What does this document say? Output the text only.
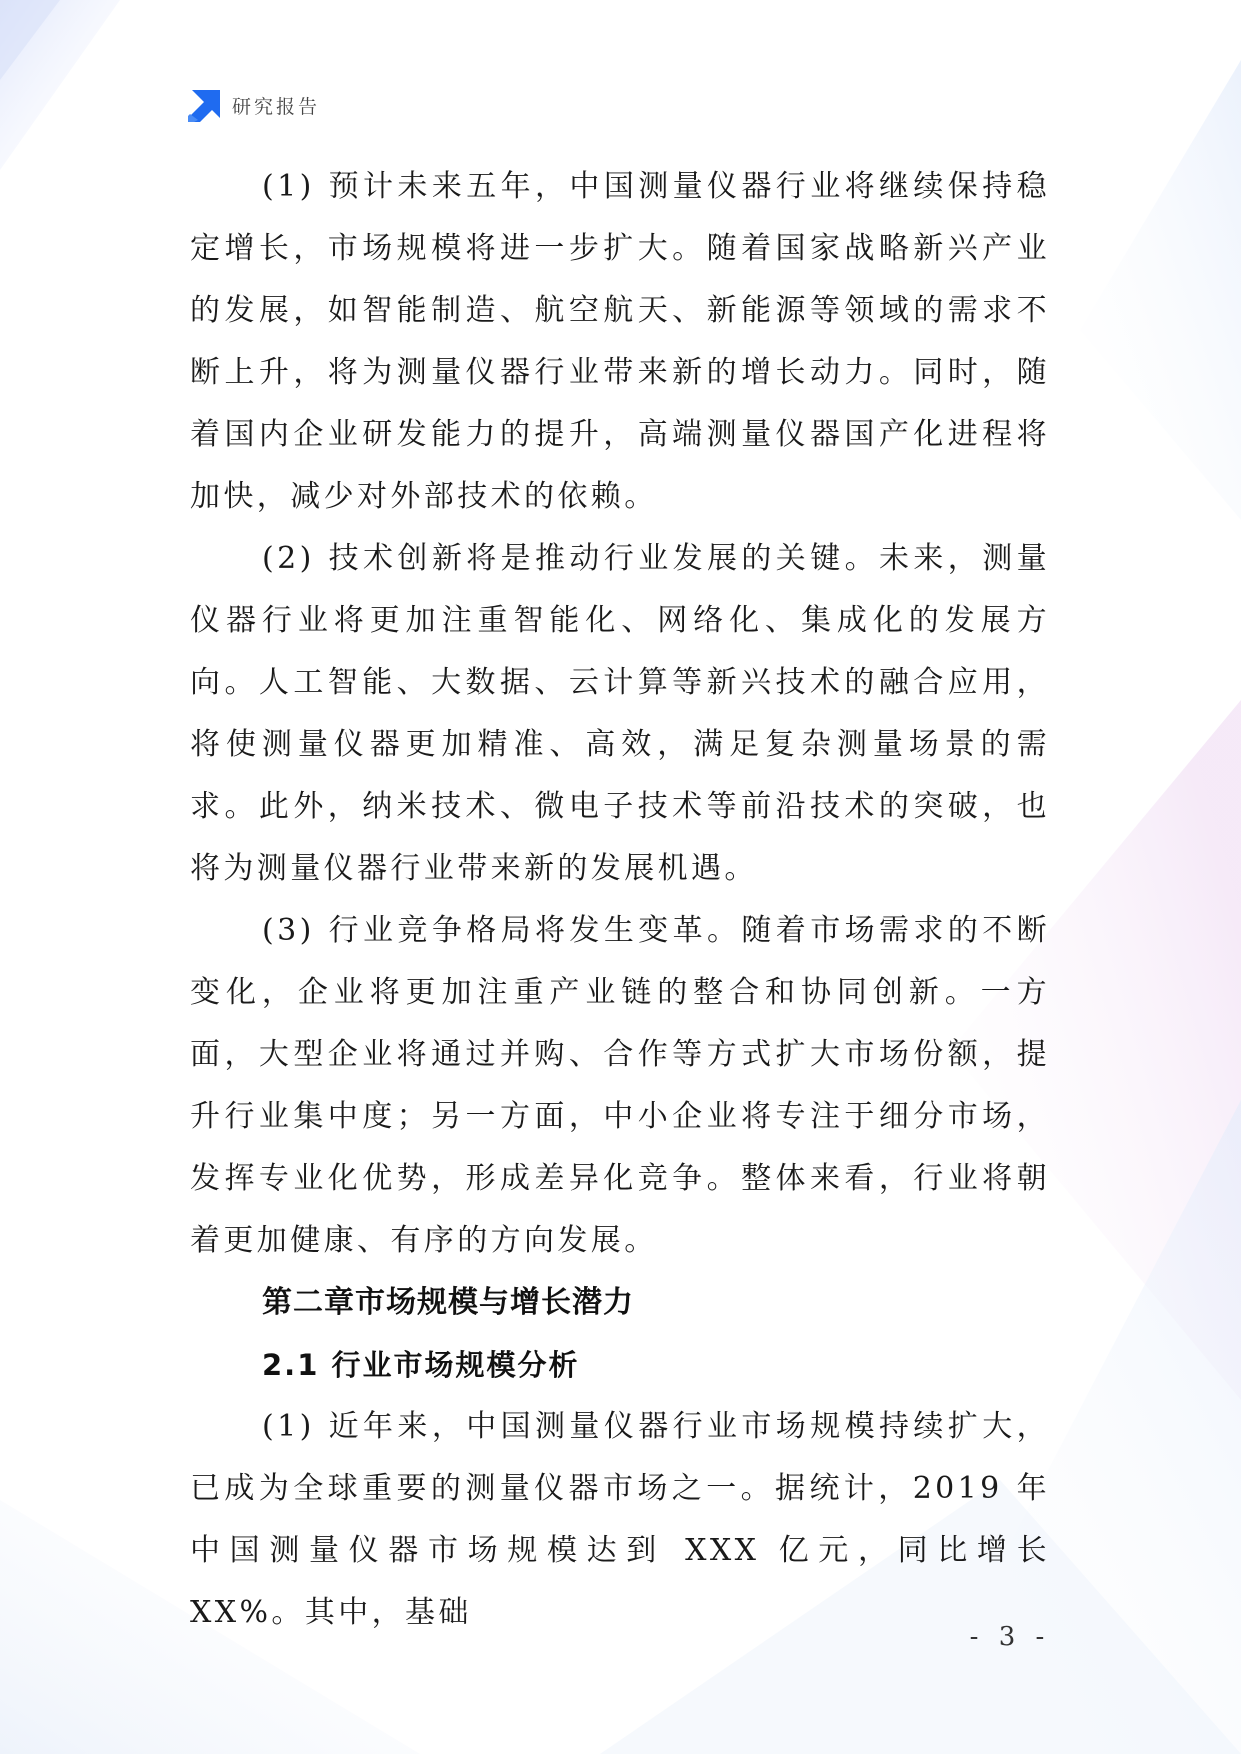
研究报告

(1) 预计未来五年，中国测量仪器行业将继续保持稳定增长，市场规模将进一步扩大。随着国家战略新兴产业的发展，如智能制造、航空航天、新能源等领域的需求不断上升，将为测量仪器行业带来新的增长动力。同时，随着国内企业研发能力的提升，高端测量仪器国产化进程将加快，减少对外部技术的依赖。

(2) 技术创新将是推动行业发展的关键。未来，测量仪器行业将更加注重智能化、网络化、集成化的发展方向。人工智能、大数据、云计算等新兴技术的融合应用，将使测量仪器更加精准、高效，满足复杂测量场景的需求。此外，纳米技术、微电子技术等前沿技术的突破，也将为测量仪器行业带来新的发展机遇。

(3) 行业竞争格局将发生变革。随着市场需求的不断变化，企业将更加注重产业链的整合和协同创新。一方面，大型企业将通过并购、合作等方式扩大市场份额，提升行业集中度；另一方面，中小企业将专注于细分市场，发挥专业化优势，形成差异化竞争。整体来看，行业将朝着更加健康、有序的方向发展。

第二章市场规模与增长潜力
2.1 行业市场规模分析

(1) 近年来，中国测量仪器行业市场规模持续扩大，已成为全球重要的测量仪器市场之一。据统计，2019 年中国测量仪器市场规模达到 XXX 亿元，同比增长 XX%。其中，基础

- 3 -
